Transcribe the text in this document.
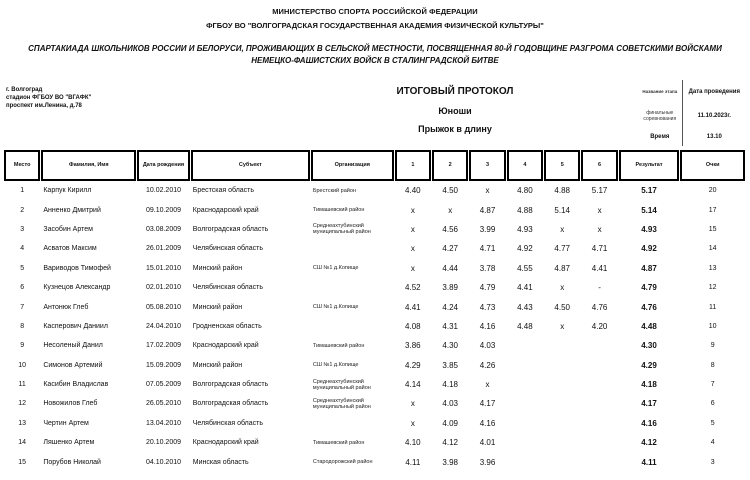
МИНИСТЕРСТВО СПОРТА РОССИЙСКОЙ ФЕДЕРАЦИИ
ФГБОУ ВО "ВОЛГОГРАДСКАЯ ГОСУДАРСТВЕННАЯ АКАДЕМИЯ ФИЗИЧЕСКОЙ КУЛЬТУРЫ"
СПАРТАКИАДА ШКОЛЬНИКОВ РОССИИ И БЕЛОРУСИ, ПРОЖИВАЮЩИХ В СЕЛЬСКОЙ МЕСТНОСТИ, ПОСВЯЩЕННАЯ 80-Й ГОДОВЩИНЕ РАЗГРОМА СОВЕТСКИМИ ВОЙСКАМИ НЕМЕЦКО-ФАШИСТСКИХ ВОЙСК В СТАЛИНГРАДСКОЙ БИТВЕ
г. Волгоград
стадион ФГБОУ ВО "ВГАФК"
проспект им.Ленина, д.78
ИТОГОВЫЙ ПРОТОКОЛ
Юноши
Прыжок в длину
Название этапа
финальные соревнования
Время
Дата проведения
11.10.2023г.
13.10
Место	Фамилия, Имя	Дата рождения	Субъект	Организация	1	2	3	4	5	6	Результат	Очки
1	Карпук Кирилл	10.02.2010	Брестская область	Брестский район	4.40	4.50	x	4.80	4.88	5.17	5.17	20
2	Анненко Дмитрий	09.10.2009	Краснодарский край	Тимашевский район	x	x	4.87	4.88	5.14	x	5.14	17
3	Засобин Артем	03.08.2009	Волгоградская область	Среднеахтубинский муниципальный район	x	4.56	3.99	4.93	x	x	4.93	15
4	Асватов Максим	26.01.2009	Челябинская область		x	4.27	4.71	4.92	4.77	4.71	4.92	14
5	Вариводов Тимофей	15.01.2010	Минский район	СШ №1 д.Копище	x	4.44	3.78	4.55	4.87	4.41	4.87	13
6	Кузнецов Александр	02.01.2010	Челябинская область		4.52	3.89	4.79	4.41	x	-	4.79	12
7	Антонюк Глеб	05.08.2010	Минский район	СШ №1 д.Копище	4.41	4.24	4.73	4.43	4.50	4.76	4.76	11
8	Касперович Даниил	24.04.2010	Гродненская область		4.08	4.31	4.16	4.48	x	4.20	4.48	10
9	Несоленый Данил	17.02.2009	Краснодарский край	Тимашевский район	3.86	4.30	4.03				4.30	9
10	Симонов Артемий	15.09.2009	Минский район	СШ №1 д.Копище	4.29	3.85	4.26				4.29	8
11	Касибин Владислав	07.05.2009	Волгоградская область	Среднеахтубинский муниципальный район	4.14	4.18	x				4.18	7
12	Новожилов Глеб	26.05.2010	Волгоградская область	Среднеахтубинский муниципальный район	x	4.03	4.17				4.17	6
13	Чертин Артем	13.04.2010	Челябинская область		x	4.09	4.16				4.16	5
14	Ляшенко Артем	20.10.2009	Краснодарский край	Тимашевский район	4.10	4.12	4.01				4.12	4
15	Порубов Николай	04.10.2010	Минская область	Стародорожский район	4.11	3.98	3.96				4.11	3
